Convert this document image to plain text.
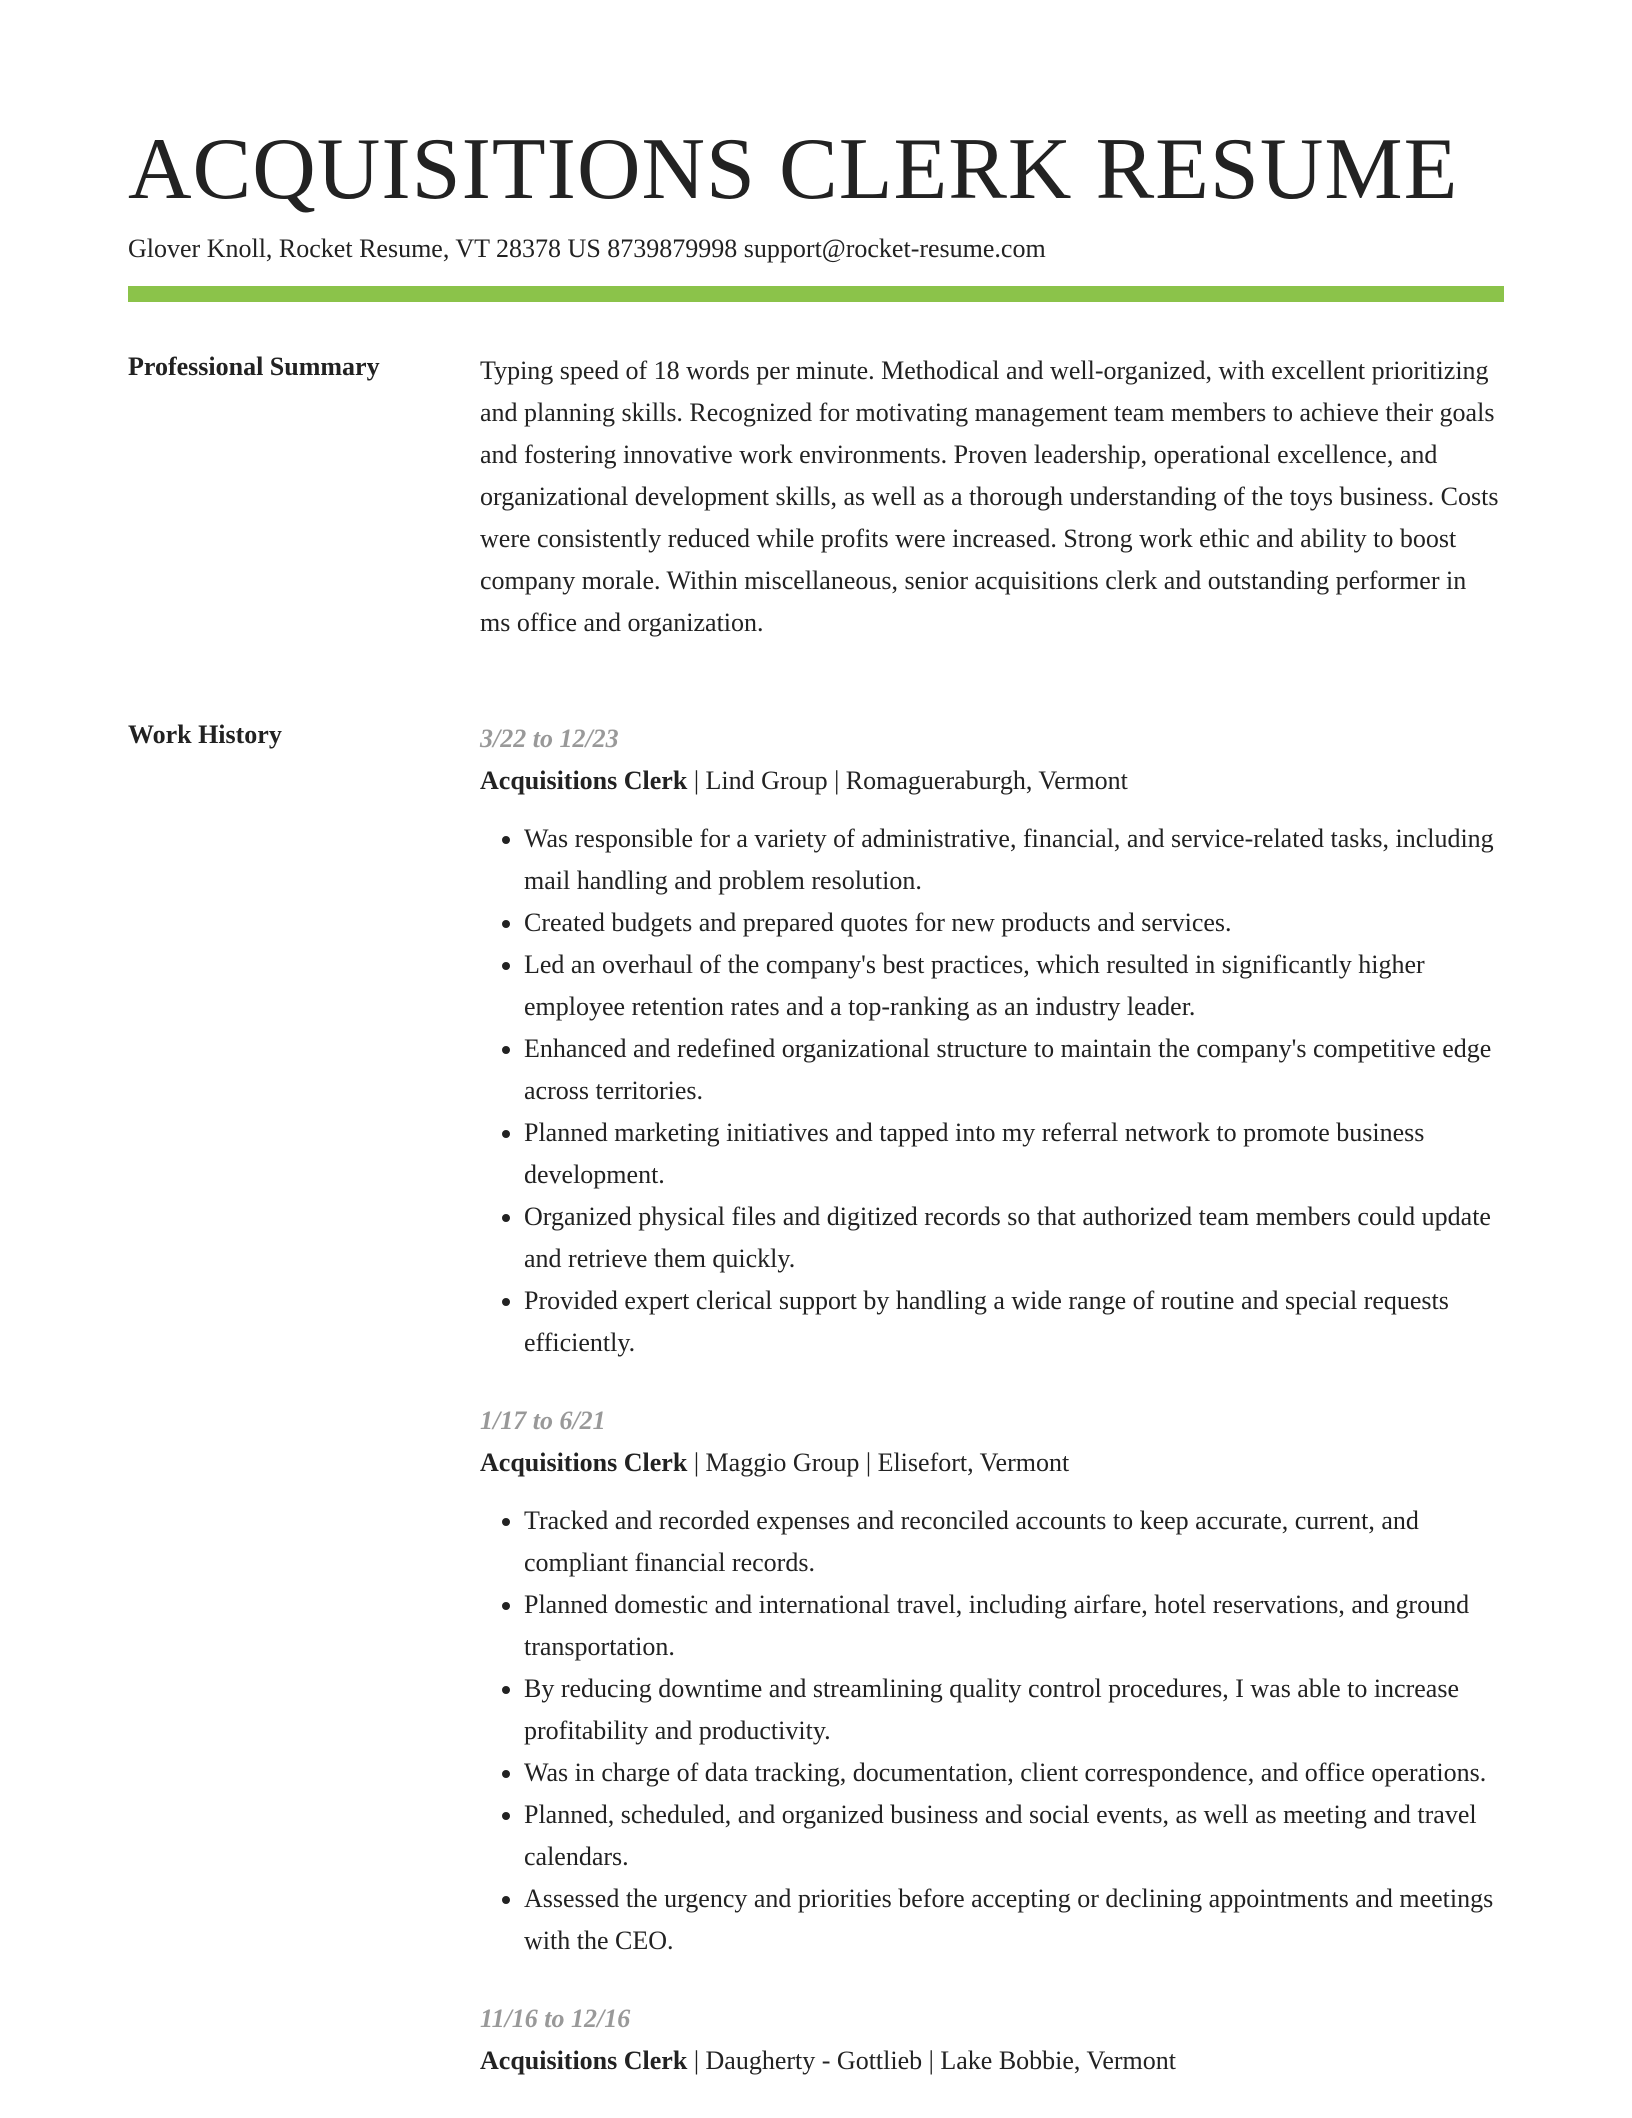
ACQUISITIONS CLERK RESUME
Glover Knoll, Rocket Resume, VT 28378 US 8739879998 support@rocket-resume.com
Professional Summary	Typing speed of 18 words per minute. Methodical and well-organized, with excellent prioritizing and planning skills. Recognized for motivating management team members to achieve their goals and fostering innovative work environments. Proven leadership, operational excellence, and organizational development skills, as well as a thorough understanding of the toys business. Costs were consistently reduced while profits were increased. Strong work ethic and ability to boost company morale. Within miscellaneous, senior acquisitions clerk and outstanding performer in ms office and organization.

Work History	3/22 to 12/23
Acquisitions Clerk | Lind Group | Romagueraburgh, Vermont
• Was responsible for a variety of administrative, financial, and service-related tasks, including mail handling and problem resolution.
• Created budgets and prepared quotes for new products and services.
• Led an overhaul of the company's best practices, which resulted in significantly higher employee retention rates and a top-ranking as an industry leader.
• Enhanced and redefined organizational structure to maintain the company's competitive edge across territories.
• Planned marketing initiatives and tapped into my referral network to promote business development.
• Organized physical files and digitized records so that authorized team members could update and retrieve them quickly.
• Provided expert clerical support by handling a wide range of routine and special requests efficiently.
1/17 to 6/21
Acquisitions Clerk | Maggio Group | Elisefort, Vermont
• Tracked and recorded expenses and reconciled accounts to keep accurate, current, and compliant financial records.
• Planned domestic and international travel, including airfare, hotel reservations, and ground transportation.
• By reducing downtime and streamlining quality control procedures, I was able to increase profitability and productivity.
• Was in charge of data tracking, documentation, client correspondence, and office operations.
• Planned, scheduled, and organized business and social events, as well as meeting and travel calendars.
• Assessed the urgency and priorities before accepting or declining appointments and meetings with the CEO.
11/16 to 12/16
Acquisitions Clerk | Daugherty - Gottlieb | Lake Bobbie, Vermont
